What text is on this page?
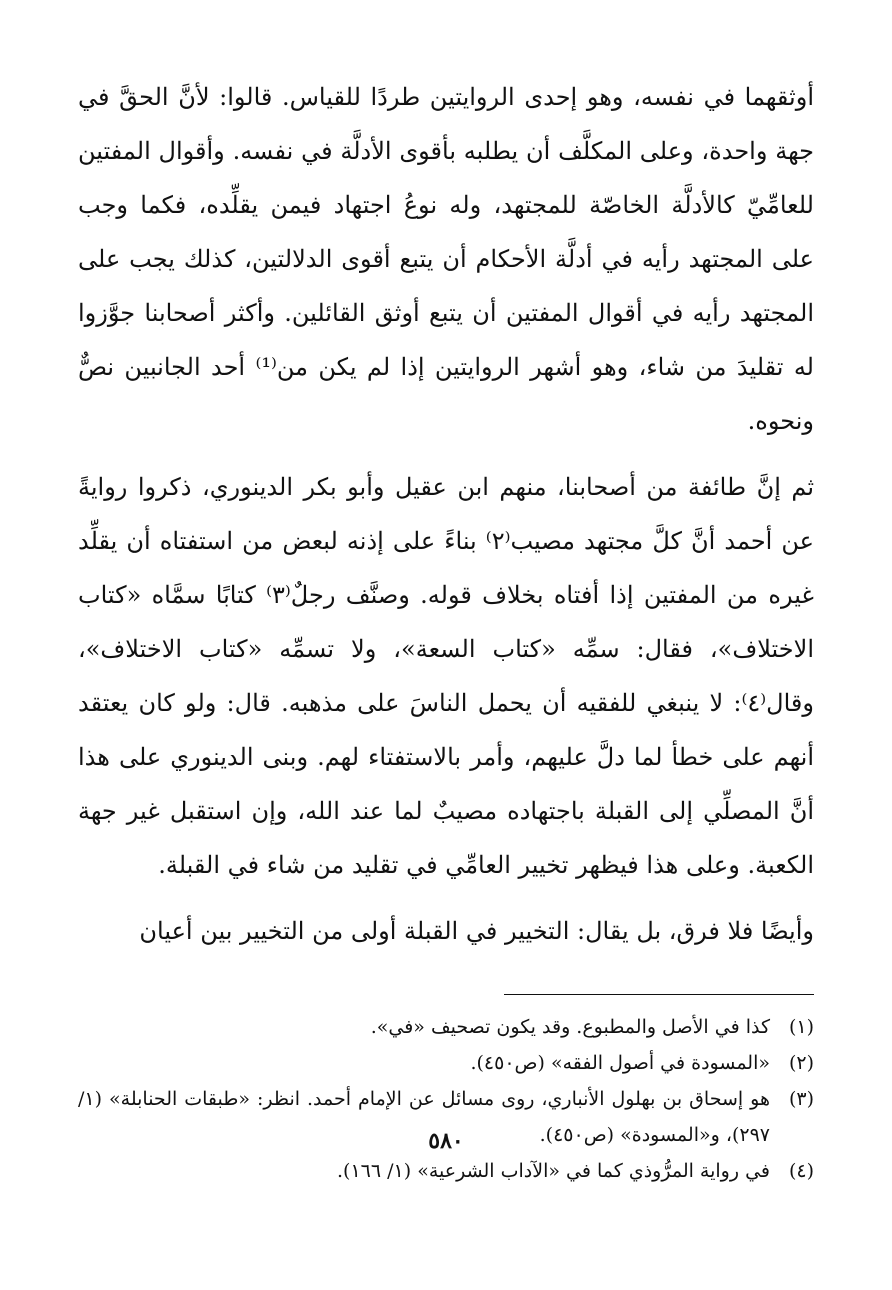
أوثقهما في نفسه، وهو إحدى الروايتين طردًا للقياس. قالوا: لأنَّ الحقَّ في جهة واحدة، وعلى المكلَّف أن يطلبه بأقوى الأدلَّة في نفسه. وأقوال المفتين للعامِّيّ كالأدلَّة الخاصّة للمجتهد، وله نوعُ اجتهاد فيمن يقلِّده، فكما وجب على المجتهد رأيه في أدلَّة الأحكام أن يتبع أقوى الدلالتين، كذلك يجب على المجتهد رأيه في أقوال المفتين أن يتبع أوثق القائلين. وأكثر أصحابنا جوَّزوا له تقليدَ من شاء، وهو أشهر الروايتين إذا لم يكن من⁽¹⁾ أحد الجانبين نصٌّ ونحوه.

ثم إنَّ طائفة من أصحابنا، منهم ابن عقيل وأبو بكر الدينوري، ذكروا روايةً عن أحمد أنَّ كلَّ مجتهد مصيب⁽٢⁾ بناءً على إذنه لبعض من استفتاه أن يقلِّد غيره من المفتين إذا أفتاه بخلاف قوله. وصنَّف رجلٌ⁽٣⁾ كتابًا سمَّاه «كتاب الاختلاف»، فقال: سمِّه «كتاب السعة»، ولا تسمِّه «كتاب الاختلاف»، وقال⁽٤⁾: لا ينبغي للفقيه أن يحمل الناسَ على مذهبه. قال: ولو كان يعتقد أنهم على خطأ لما دلَّ عليهم، وأمر بالاستفتاء لهم. وبنى الدينوري على هذا أنَّ المصلِّي إلى القبلة باجتهاده مصيبٌ لما عند الله، وإن استقبل غير جهة الكعبة. وعلى هذا فيظهر تخيير العامِّي في تقليد من شاء في القبلة.

وأيضًا فلا فرق، بل يقال: التخيير في القبلة أولى من التخيير بين أعيان

(١)
كذا في الأصل والمطبوع. وقد يكون تصحيف «في».
(٢)
«المسودة في أصول الفقه» (ص٤٥٠).
(٣)
هو إسحاق بن بهلول الأنباري، روى مسائل عن الإمام أحمد. انظر: «طبقات الحنابلة» (١/ ٢٩٧)، و«المسودة» (ص٤٥٠).
(٤)
في رواية المرُّوذي كما في «الآداب الشرعية» (١/ ١٦٦).
٥٨٠
